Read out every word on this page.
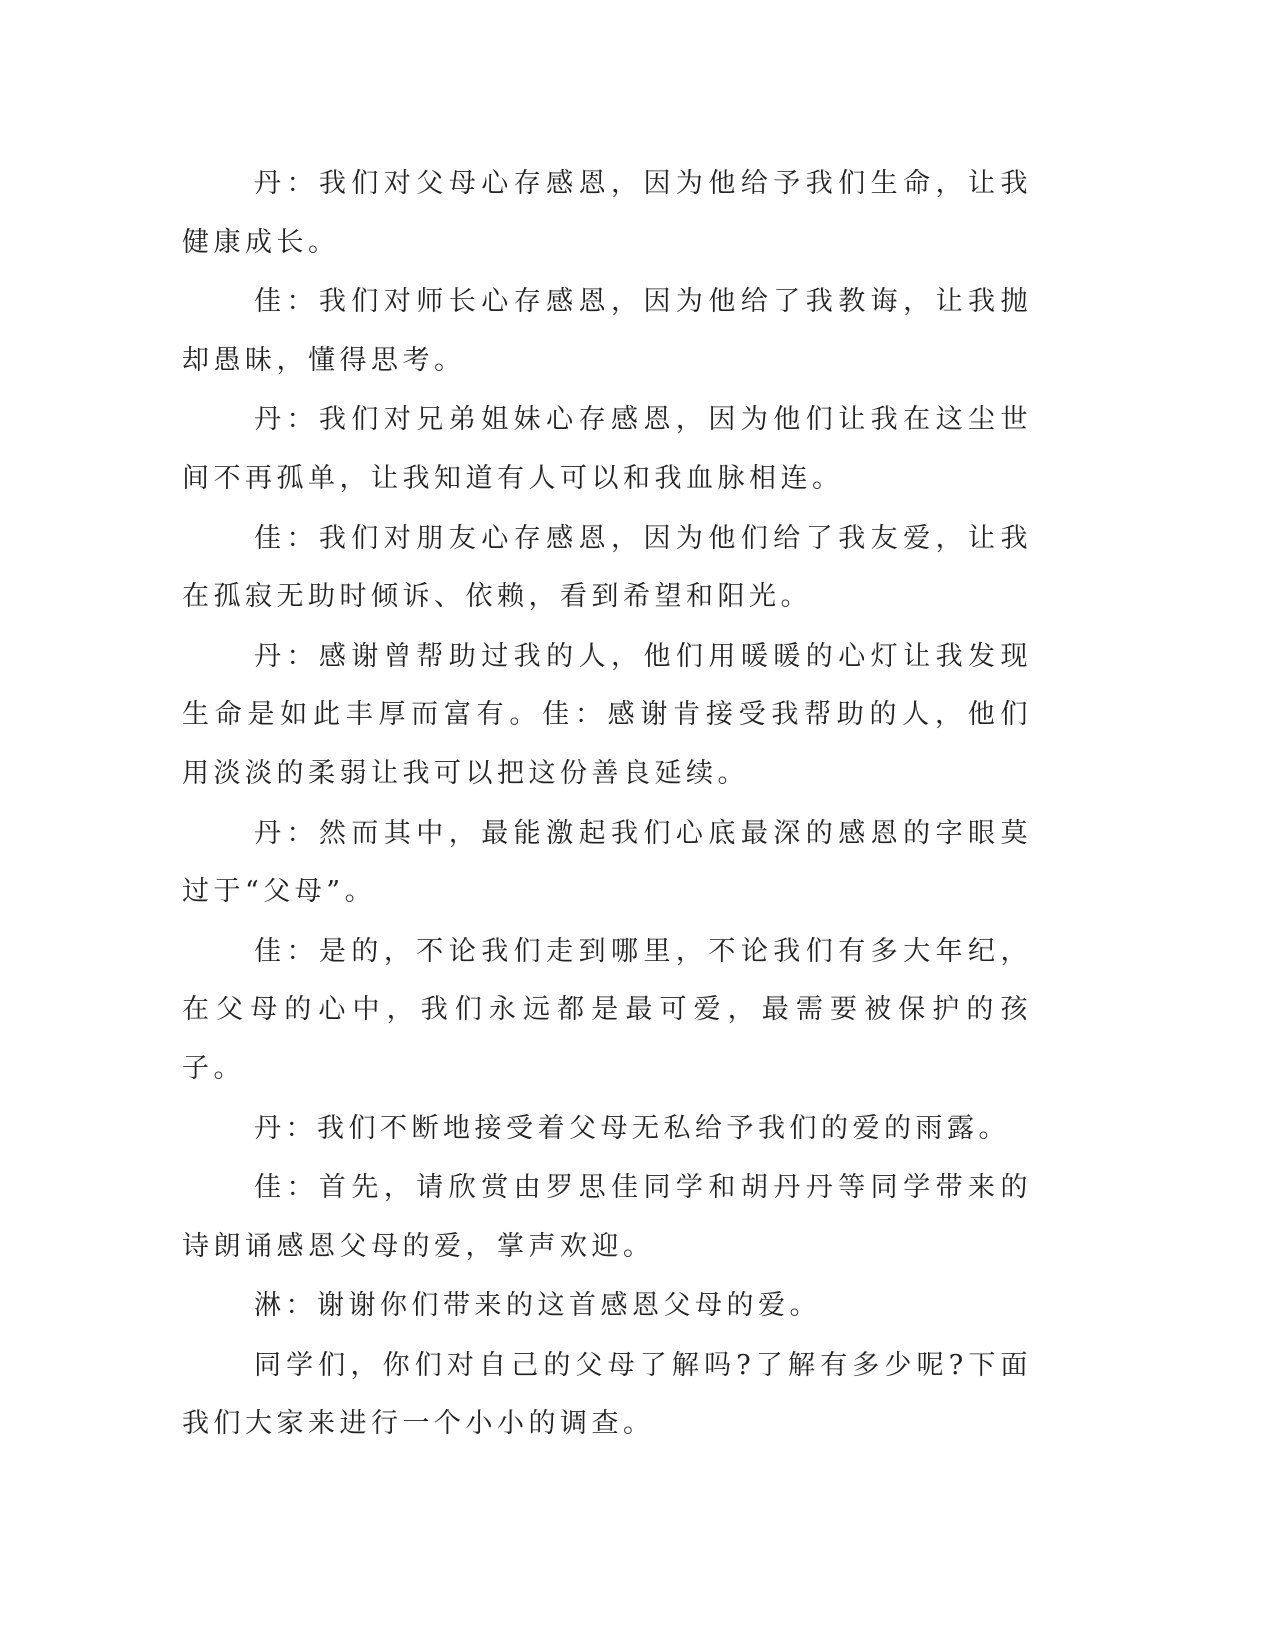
丹：我们对父母心存感恩，因为他给予我们生命，让我健康成长。

佳：我们对师长心存感恩，因为他给了我教诲，让我抛却愚昧，懂得思考。

丹：我们对兄弟姐妹心存感恩，因为他们让我在这尘世间不再孤单，让我知道有人可以和我血脉相连。

佳：我们对朋友心存感恩，因为他们给了我友爱，让我在孤寂无助时倾诉、依赖，看到希望和阳光。

丹：感谢曾帮助过我的人，他们用暖暖的心灯让我发现生命是如此丰厚而富有。佳：感谢肯接受我帮助的人，他们用淡淡的柔弱让我可以把这份善良延续。

丹：然而其中，最能激起我们心底最深的感恩的字眼莫过于“父母”。

佳：是的，不论我们走到哪里，不论我们有多大年纪，在父母的心中，我们永远都是最可爱，最需要被保护的孩子。

丹：我们不断地接受着父母无私给予我们的爱的雨露。

佳：首先，请欣赏由罗思佳同学和胡丹丹等同学带来的诗朗诵感恩父母的爱，掌声欢迎。

淋：谢谢你们带来的这首感恩父母的爱。

同学们，你们对自己的父母了解吗?了解有多少呢?下面我们大家来进行一个小小的调查。
